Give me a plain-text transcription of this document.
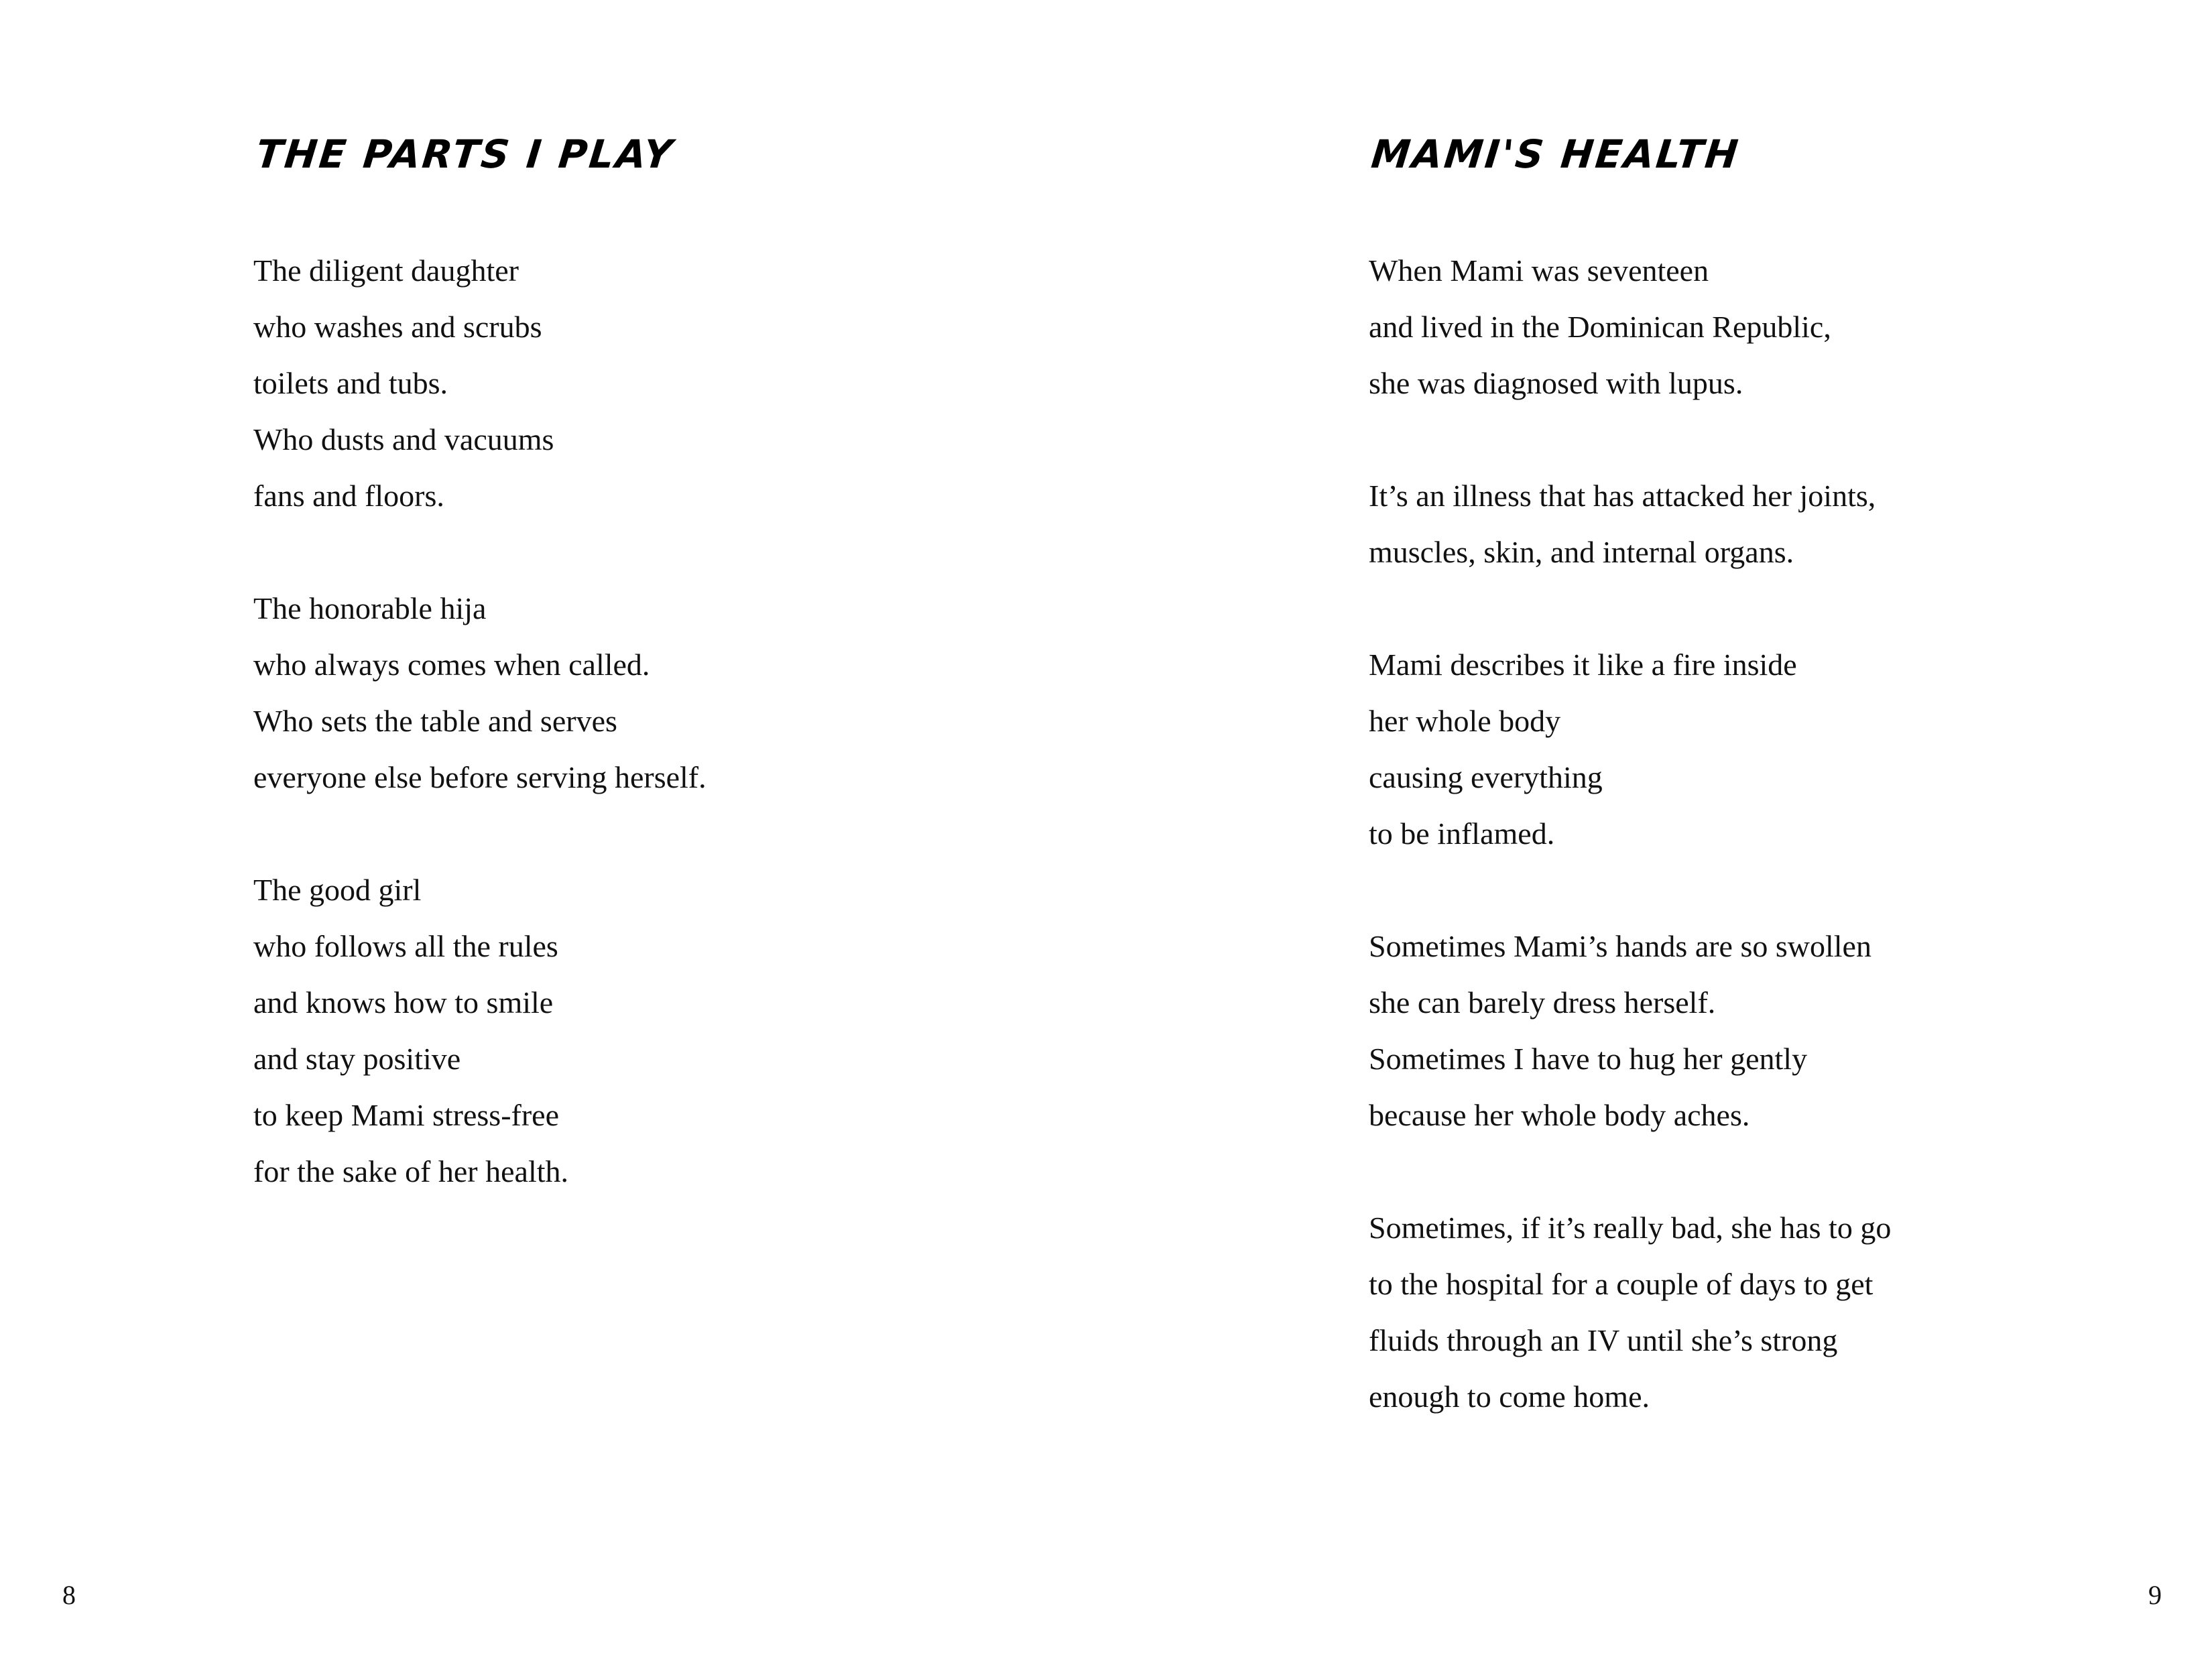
THE PARTS I PLAY

The diligent daughter
who washes and scrubs
toilets and tubs.
Who dusts and vacuums
fans and floors.

The honorable hija
who always comes when called.
Who sets the table and serves
everyone else before serving herself.

The good girl
who follows all the rules
and knows how to smile
and stay positive
to keep Mami stress-free
for the sake of her health.

8
MAMI'S HEALTH

When Mami was seventeen
and lived in the Dominican Republic,
she was diagnosed with lupus.

It’s an illness that has attacked her joints,
muscles, skin, and internal organs.

Mami describes it like a fire inside
her whole body
causing everything
to be inflamed.

Sometimes Mami’s hands are so swollen
she can barely dress herself.
Sometimes I have to hug her gently
because her whole body aches.

Sometimes, if it’s really bad, she has to go
to the hospital for a couple of days to get
fluids through an IV until she’s strong
enough to come home.

9
